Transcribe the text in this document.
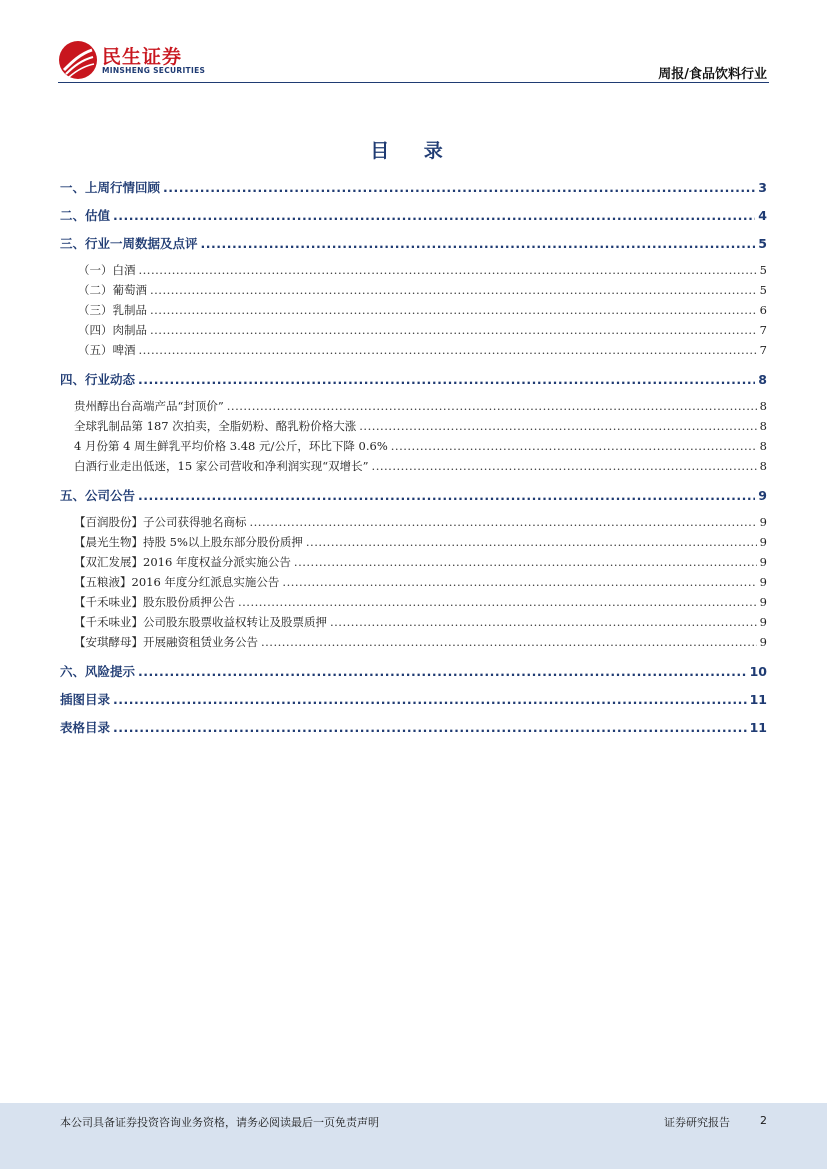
民生证券
MINSHENG SECURITIES	周报/食品饮料行业
目 录
一、上周行情回顾 .....	3
二、估值 .....	4
三、行业一周数据及点评 .....	5
（一）白酒 .....	5
（二）葡萄酒 .....	5
（三）乳制品 .....	6
（四）肉制品 .....	7
（五）啤酒 .....	7
四、行业动态 .....	8
贵州醇出台高端产品“封顶价” .....	8
全球乳制品第 187 次拍卖，全脂奶粉、酪乳粉价格大涨 .....	8
4 月份第 4 周生鲜乳平均价格 3.48 元/公斤，环比下降 0.6% .....	8
白酒行业走出低迷，15 家公司营收和净利润实现“双增长” .....	8
五、公司公告 .....	9
【百润股份】子公司获得驰名商标 .....	9
【晨光生物】持股 5%以上股东部分股份质押 .....	9
【双汇发展】2016 年度权益分派实施公告 .....	9
【五粮液】2016 年度分红派息实施公告 .....	9
【千禾味业】股东股份质押公告 .....	9
【千禾味业】公司股东股票收益权转让及股票质押 .....	9
【安琪酵母】开展融资租赁业务公告 .....	9
六、风险提示 .....	10
插图目录 .....	11
表格目录 .....	11
本公司具备证券投资咨询业务资格，请务必阅读最后一页免责声明	证券研究报告	2
